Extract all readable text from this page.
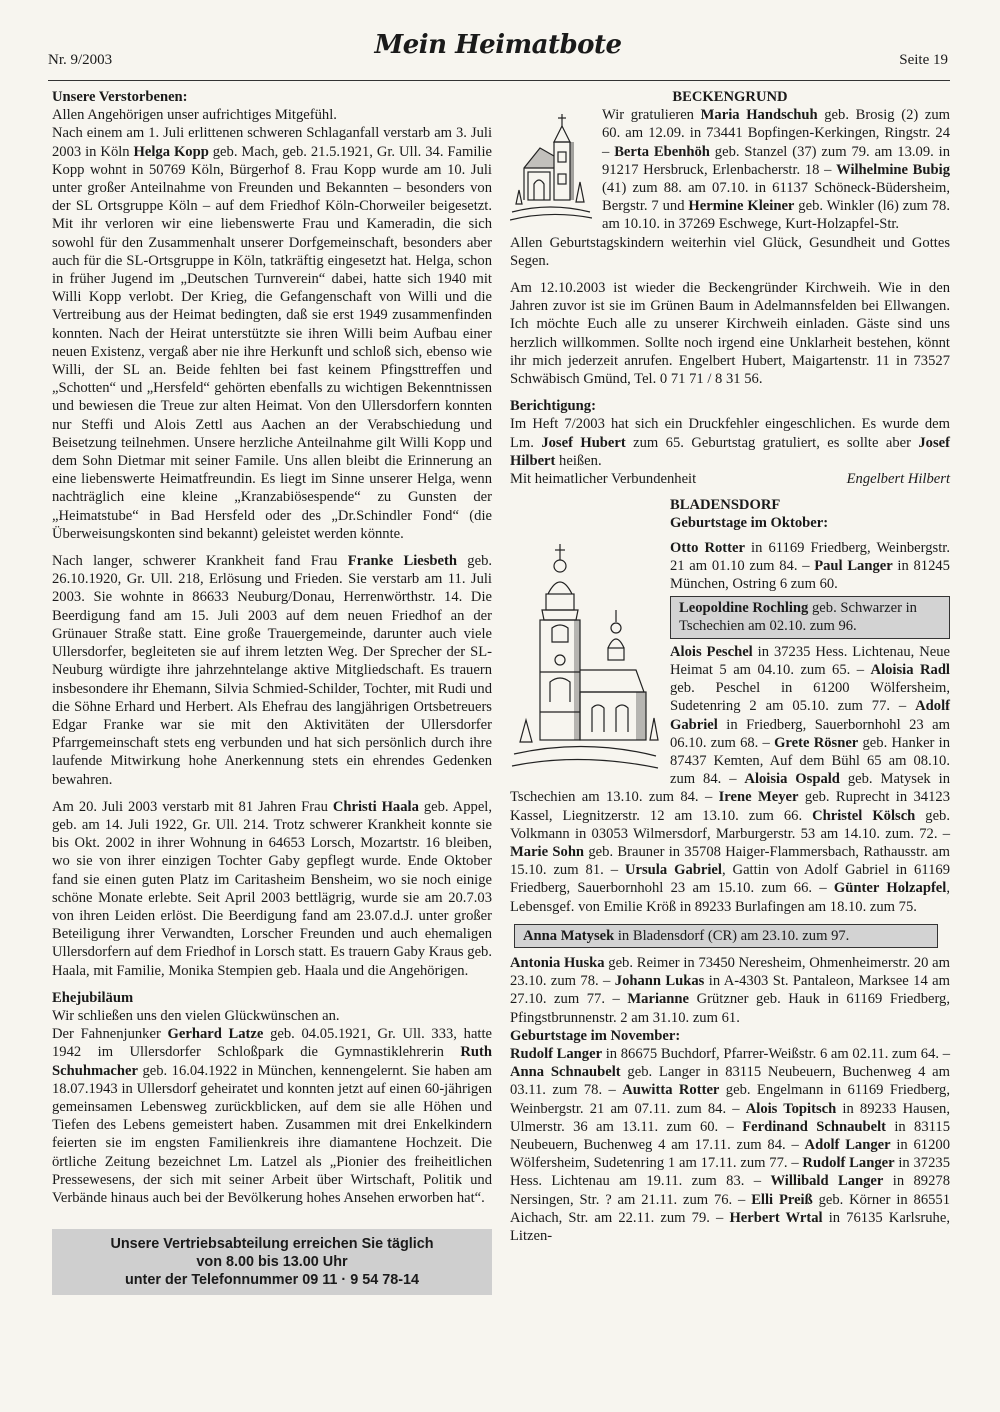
Nr. 9/2003	Mein Heimatbote	Seite 19
Unsere Verstorbenen:

Allen Angehörigen unser aufrichtiges Mitgefühl.

Nach einem am 1. Juli erlittenen schweren Schlaganfall verstarb am 3. Juli 2003 in Köln Helga Kopp geb. Mach, geb. 21.5.1921, Gr. Ull. 34. Familie Kopp wohnt in 50769 Köln, Bürgerhof 8. Frau Kopp wurde am 10. Juli unter großer Anteilnahme von Freunden und Bekannten – besonders von der SL Ortsgruppe Köln – auf dem Friedhof Köln-Chorweiler beigesetzt. Mit ihr verloren wir eine liebenswerte Frau und Kameradin, die sich sowohl für den Zusammenhalt unserer Dorfgemeinschaft, besonders aber auch für die SL-Ortsgruppe in Köln, tatkräftig eingesetzt hat. Helga, schon in früher Jugend im „Deutschen Turnverein“ dabei, hatte sich 1940 mit Willi Kopp verlobt. Der Krieg, die Gefangenschaft von Willi und die Vertreibung aus der Heimat bedingten, daß sie erst 1949 zusammenfinden konnten. Nach der Heirat unterstützte sie ihren Willi beim Aufbau einer neuen Existenz, vergaß aber nie ihre Herkunft und schloß sich, ebenso wie Willi, der SL an. Beide fehlten bei fast keinem Pfingsttreffen und „Schotten“ und „Hersfeld“ gehörten ebenfalls zu wichtigen Bekenntnissen und bewiesen die Treue zur alten Heimat. Von den Ullersdorfern konnten nur Steffi und Alois Zettl aus Aachen an der Verabschiedung und Beisetzung teilnehmen. Unsere herzliche Anteilnahme gilt Willi Kopp und dem Sohn Dietmar mit seiner Famile. Uns allen bleibt die Erinnerung an eine liebenswerte Heimatfreundin. Es liegt im Sinne unserer Helga, wenn nachträglich eine kleine „Kranzabiösespende“ zu Gunsten der „Heimatstube“ in Bad Hersfeld oder des „Dr.Schindler Fond“ (die Überweisungskonten sind bekannt) geleistet werden könnte.

Nach langer, schwerer Krankheit fand Frau Franke Liesbeth geb. 26.10.1920, Gr. Ull. 218, Erlösung und Frieden. Sie verstarb am 11. Juli 2003. Sie wohnte in 86633 Neuburg/Donau, Herrenwörthstr. 14. Die Beerdigung fand am 15. Juli 2003 auf dem neuen Friedhof an der Grünauer Straße statt. Eine große Trauergemeinde, darunter auch viele Ullersdorfer, begleiteten sie auf ihrem letzten Weg. Der Sprecher der SL-Neuburg würdigte ihre jahrzehntelange aktive Mitgliedschaft. Es trauern insbesondere ihr Ehemann, Silvia Schmied-Schilder, Tochter, mit Rudi und die Söhne Erhard und Herbert. Als Ehefrau des langjährigen Ortsbetreuers Edgar Franke war sie mit den Aktivitäten der Ullersdorfer Pfarrgemeinschaft stets eng verbunden und hat sich persönlich durch ihre laufende Mitwirkung hohe Anerkennung stets ein ehrendes Gedenken bewahren.

Am 20. Juli 2003 verstarb mit 81 Jahren Frau Christi Haala geb. Appel, geb. am 14. Juli 1922, Gr. Ull. 214. Trotz schwerer Krankheit konnte sie bis Okt. 2002 in ihrer Wohnung in 64653 Lorsch, Mozartstr. 16 bleiben, wo sie von ihrer einzigen Tochter Gaby gepflegt wurde. Ende Oktober fand sie einen guten Platz im Caritasheim Bensheim, wo sie noch einige schöne Monate erlebte. Seit April 2003 bettlägrig, wurde sie am 20.7.03 von ihren Leiden erlöst. Die Beerdigung fand am 23.07.d.J. unter großer Beteiligung ihrer Verwandten, Lorscher Freunden und auch ehemaligen Ullersdorfern auf dem Friedhof in Lorsch statt. Es trauern Gaby Kraus geb. Haala, mit Familie, Monika Stempien geb. Haala und die Angehörigen.

Ehejubiläum

Wir schließen uns den vielen Glückwünschen an.

Der Fahnenjunker Gerhard Latze geb. 04.05.1921, Gr. Ull. 333, hatte 1942 im Ullersdorfer Schloßpark die Gymnastiklehrerin Ruth Schuhmacher geb. 16.04.1922 in München, kennengelernt. Sie haben am 18.07.1943 in Ullersdorf geheiratet und konnten jetzt auf einen 60-jährigen gemeinsamen Lebensweg zurückblicken, auf dem sie alle Höhen und Tiefen des Lebens gemeistert haben. Zusammen mit drei Enkelkindern feierten sie im engsten Familienkreis ihre diamantene Hochzeit. Die örtliche Zeitung bezeichnet Lm. Latzel als „Pionier des freiheitlichen Pressewesens, der sich mit seiner Arbeit über Wirtschaft, Politik und Verbände hinaus auch bei der Bevölkerung hohes Ansehen erworben hat“.

Unsere Vertriebsabteilung erreichen Sie täglich
von 8.00 bis 13.00 Uhr
unter der Telefonnummer 09 11 · 9 54 78-14
BECKENGRUND

Wir gratulieren Maria Handschuh geb. Brosig (2) zum 60. am 12.09. in 73441 Bopfingen-Kerkingen, Ringstr. 24 – Berta Ebenhöh geb. Stanzel (37) zum 79. am 13.09. in 91217 Hersbruck, Erlenbacherstr. 18 – Wilhelmine Bubig (41) zum 88. am 07.10. in 61137 Schöneck-Büdersheim, Bergstr. 7 und Hermine Kleiner geb. Winkler (l6) zum 78. am 10.10. in 37269 Eschwege, Kurt-Holzapfel-Str.

Allen Geburtstagskindern weiterhin viel Glück, Gesundheit und Gottes Segen.

Am 12.10.2003 ist wieder die Beckengründer Kirchweih. Wie in den Jahren zuvor ist sie im Grünen Baum in Adelmannsfelden bei Ellwangen. Ich möchte Euch alle zu unserer Kirchweih einladen. Gäste sind uns herzlich willkommen. Sollte noch irgend eine Unklarheit bestehen, könnt ihr mich jederzeit anrufen. Engelbert Hubert, Maigartenstr. 11 in 73527 Schwäbisch Gmünd, Tel. 0 71 71 / 8 31 56.

Berichtigung:

Im Heft 7/2003 hat sich ein Druckfehler eingeschlichen. Es wurde dem Lm. Josef Hubert zum 65. Geburtstag gratuliert, es sollte aber Josef Hilbert heißen.

Mit heimatlicher Verbundenheit	Engelbert Hilbert
BLADENSDORF
Geburtstage im Oktober:

Otto Rotter in 61169 Friedberg, Weinbergstr. 21 am 01.10 zum 84. – Paul Langer in 81245 München, Ostring 6 zum 60.

Leopoldine Rochling geb. Schwarzer in Tschechien am 02.10. zum 96.

Alois Peschel in 37235 Hess. Lichtenau, Neue Heimat 5 am 04.10. zum 65. – Aloisia Radl geb. Peschel in 61200 Wölfersheim, Sudetenring 2 am 05.10. zum 77. – Adolf Gabriel in Friedberg, Sauerbornhohl 23 am 06.10. zum 68. – Grete Rösner geb. Hanker in 87437 Kemten, Auf dem Bühl 65 am 08.10. zum 84. – Aloisia Ospald geb. Matysek in Tschechien am 13.10. zum 84. – Irene Meyer geb. Ruprecht in 34123 Kassel, Liegnitzerstr. 12 am 13.10. zum 66. Christel Kölsch geb. Volkmann in 03053 Wilmersdorf, Marburgerstr. 53 am 14.10. zum. 72. – Marie Sohn geb. Brauner in 35708 Haiger-Flammersbach, Rathausstr. am 15.10. zum 81. – Ursula Gabriel, Gattin von Adolf Gabriel in 61169 Friedberg, Sauerbornhohl 23 am 15.10. zum 66. – Günter Holzapfel, Lebensgef. von Emilie Kröß in 89233 Burlafingen am 18.10. zum 75.

Anna Matysek in Bladensdorf (CR) am 23.10. zum 97.

Antonia Huska geb. Reimer in 73450 Neresheim, Ohmenheimerstr. 20 am 23.10. zum 78. – Johann Lukas in A-4303 St. Pantaleon, Marksee 14 am 27.10. zum 77. – Marianne Grützner geb. Hauk in 61169 Friedberg, Pfingstbrunnenstr. 2 am 31.10. zum 61.

Geburtstage im November:

Rudolf Langer in 86675 Buchdorf, Pfarrer-Weißstr. 6 am 02.11. zum 64. – Anna Schnaubelt geb. Langer in 83115 Neubeuern, Buchenweg 4 am 03.11. zum 78. – Auwitta Rotter geb. Engelmann in 61169 Friedberg, Weinbergstr. 21 am 07.11. zum 84. – Alois Topitsch in 89233 Hausen, Ulmerstr. 36 am 13.11. zum 60. – Ferdinand Schnaubelt in 83115 Neubeuern, Buchenweg 4 am 17.11. zum 84. – Adolf Langer in 61200 Wölfersheim, Sudetenring 1 am 17.11. zum 77. – Rudolf Langer in 37235 Hess. Lichtenau am 19.11. zum 83. – Willibald Langer in 89278 Nersingen, Str. ? am 21.11. zum 76. – Elli Preiß geb. Körner in 86551 Aichach, Str. am 22.11. zum 79. – Herbert Wrtal in 76135 Karlsruhe, Litzen-
